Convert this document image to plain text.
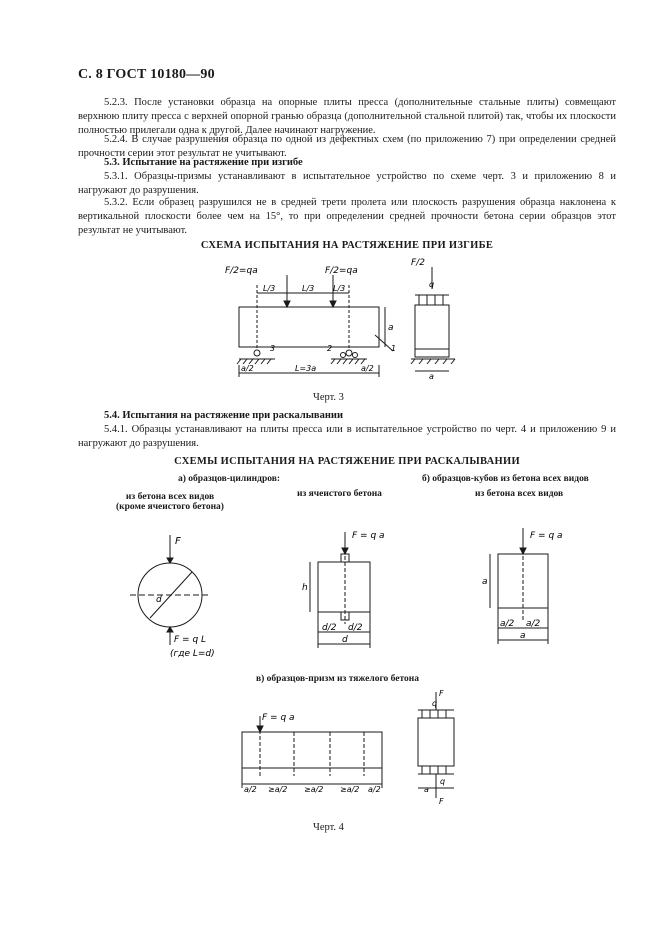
С. 8 ГОСТ 10180—90
5.2.3. После установки образца на опорные плиты пресса (дополнительные стальные плиты) совмещают верхнюю плиту пресса с верхней опорной гранью образца (дополнительной стальной плитой) так, чтобы их плоскости полностью прилегали одна к другой. Далее начинают нагружение.
5.2.4. В случае разрушения образца по одной из дефектных схем (по приложению 7) при определении средней прочности серии этот результат не учитывают.
5.3. Испытание на растяжение при изгибе
5.3.1. Образцы-призмы устанавливают в испытательное устройство по схеме черт. 3 и приложению 8 и нагружают до разрушения.
5.3.2. Если образец разрушился не в средней трети пролета или плоскость разрушения образца наклонена к вертикальной плоскости более чем на 15°, то при определении средней прочности бетона серии образцов этот результат не учитывают.
СХЕМА ИСПЫТАНИЯ НА РАСТЯЖЕНИЕ ПРИ ИЗГИБЕ
F/2=qa	F/2=qa
F/2
L/3	L/3 L/3
a
a/2	L=3a	a/2
3	2	1
q
a
Черт. 3
5.4. Испытания на растяжение при раскалывании
5.4.1. Образцы устанавливают на плиты пресса или в испытательное устройство по черт. 4 и приложению 9 и нагружают до разрушения.
СХЕМЫ ИСПЫТАНИЯ НА РАСТЯЖЕНИЕ ПРИ РАСКАЛЫВАНИИ
а) образцов-цилиндров:	б) образцов-кубов из бетона всех видов
из бетона всех видов
(кроме ячеистого бетона)
из ячеистого бетона	из бетона всех видов
F
F = q L
(где L=d)
d
F = q a
h
d/2 d/2
d
F = q a
a
a/2 a/2
a
в) образцов-призм из тяжелого бетона
F = q a
a/2 ≥a/2 ≥a/2 ≥a/2 a/2
F
q
q
a
F
Черт. 4
